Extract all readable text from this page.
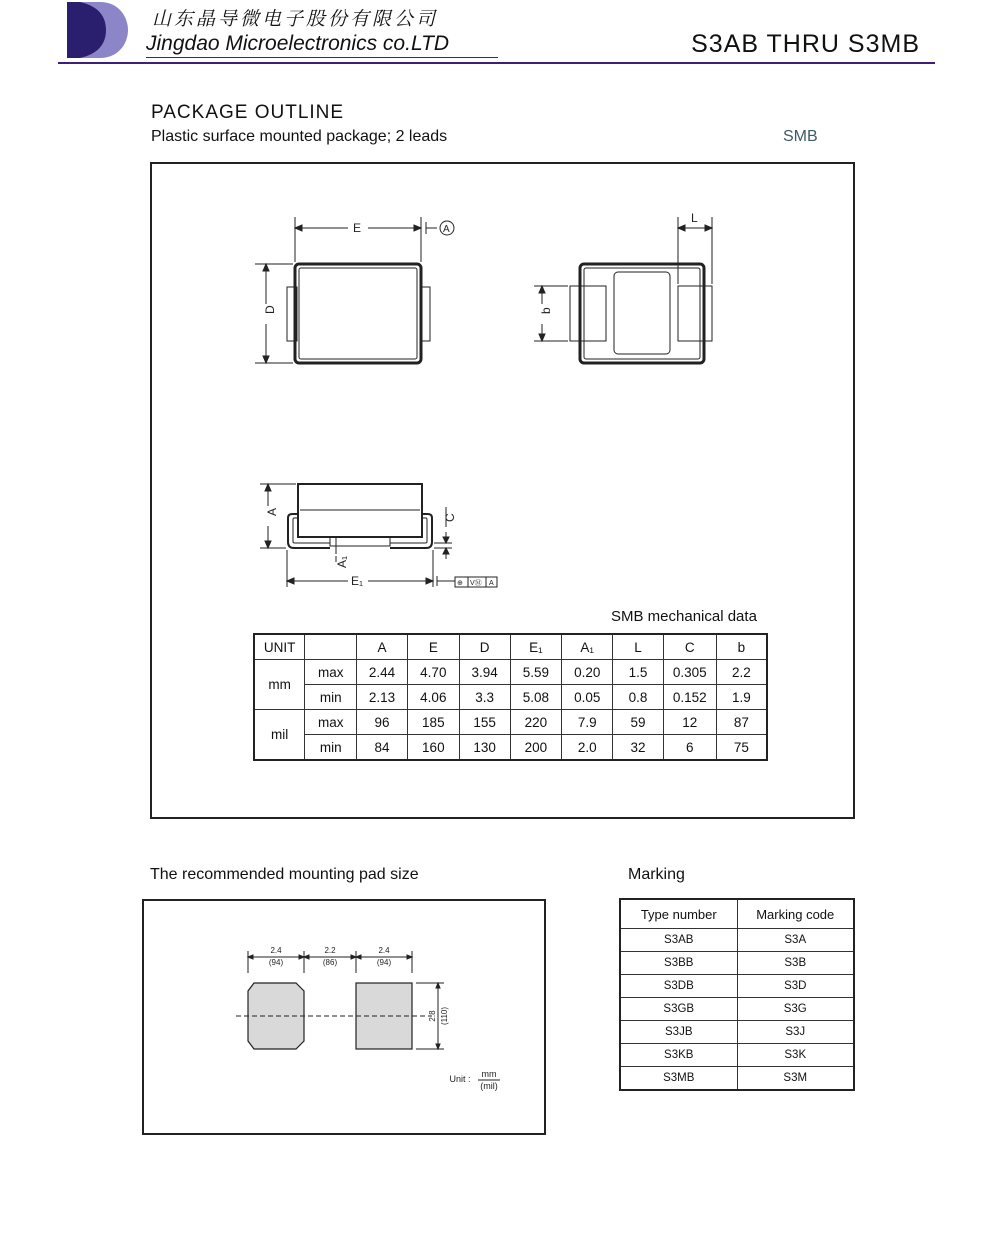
山东晶导微电子股份有限公司
Jingdao Microelectronics co.LTD	S3AB THRU S3MB
PACKAGE OUTLINE
Plastic surface mounted package; 2 leads	SMB
E	A
D
L
b
A
C
A₁
E₁	⊕ VⓂ A
SMB mechanical data
UNIT		A	E	D	E₁	A₁	L	C	b
mm	max	2.44	4.70	3.94	5.59	0.20	1.5	0.305	2.2
	min	2.13	4.06	3.3	5.08	0.05	0.8	0.152	1.9
mil	max	96	185	155	220	7.9	59	12	87
	min	84	160	130	200	2.0	32	6	75
The recommended mounting pad size
2.4
(94)
2.2
(86)
2.4
(94)
2.8 (110)
Unit : mm
(mil)
Marking
Type number	Marking code
S3AB	S3A
S3BB	S3B
S3DB	S3D
S3GB	S3G
S3JB	S3J
S3KB	S3K
S3MB	S3M
